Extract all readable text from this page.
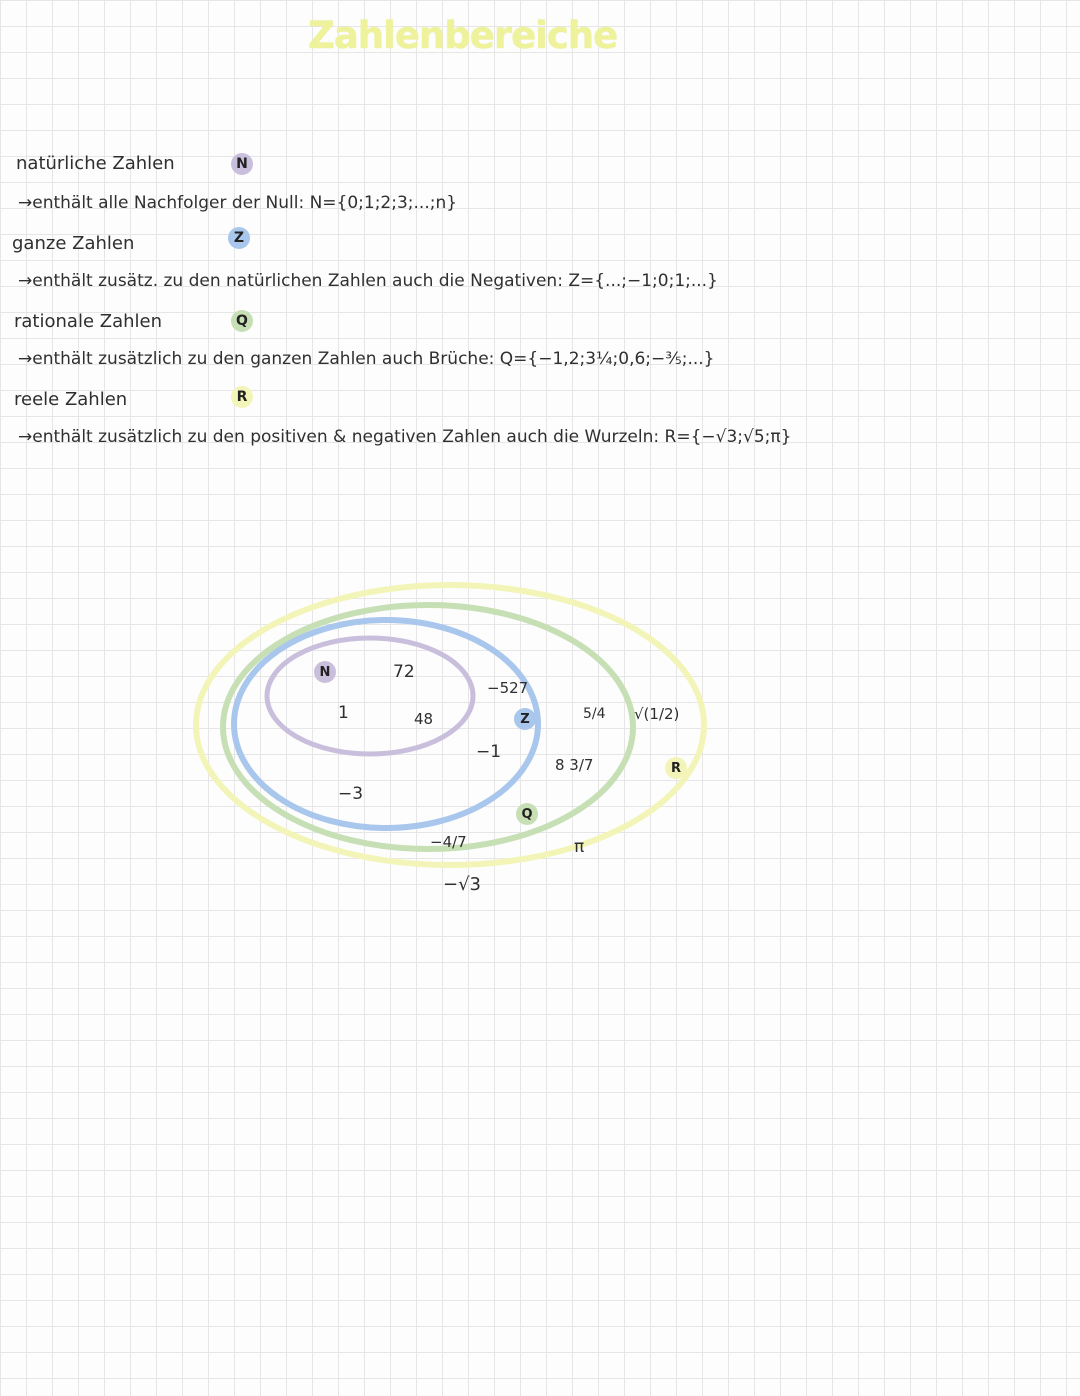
Zahlenbereiche
natürliche Zahlen	N
→enthält alle Nachfolger der Null: N={0;1;2;3;...;n}
ganze Zahlen	Z
→enthält zusätz. zu den natürlichen Zahlen auch die Negativen: Z={...;−1;0;1;...}
rationale Zahlen	Q
→enthält zusätzlich zu den ganzen Zahlen auch Brüche: Q={−1,2;3¼;0,6;−⅗;...}
reele Zahlen	R
→enthält zusätzlich zu den positiven & negativen Zahlen auch die Wurzeln: R={−√3;√5;π}
N
Z
Q
R
72
1	48
−527
−1
−3
−4/7
5/4
8 3/7
√(1/2)
π
−√3
